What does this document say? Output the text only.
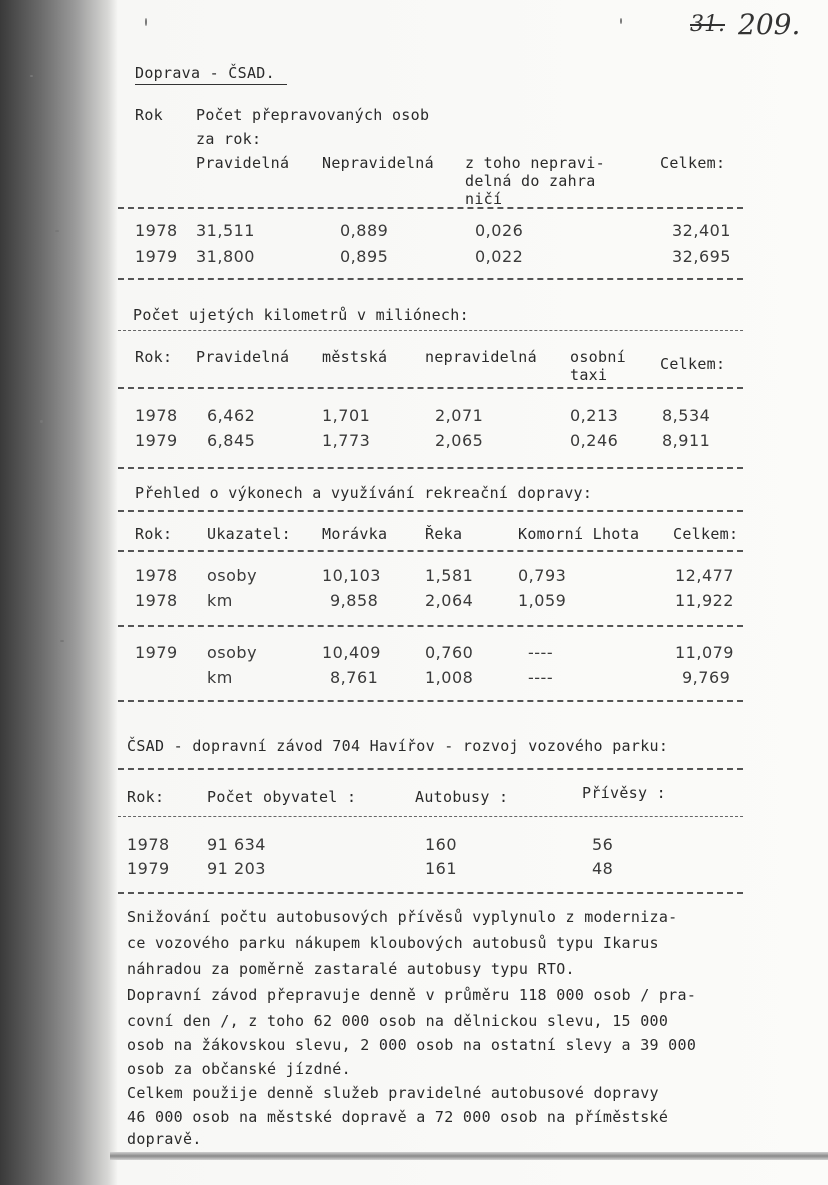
31. 209.
Doprava - ČSAD.
Rok Počet přepravovaných osob
za rok:
Pravidelná Nepravidelná z toho nepravi-
delná do zahra
ničí
Celkem:
1978 31,511	0,889	0,026	32,401
1979 31,800	0,895	0,022	32,695
Počet ujetých kilometrů v miliónech:
Rok: Pravidelná městská	nepravidelná osobní
taxi
Celkem:
1978 6,462	1,701	2,071	0,213	8,534
1979 6,845	1,773	2,065	0,246	8,911
Přehled o výkonech a využívání rekreační dopravy:
Rok: Ukazatel: Morávka	Řeka	Komorní Lhota Celkem:
1978 osoby	10,103	1,581	0,793	12,477
1978 km	9,858	2,064	1,059	11,922
1979 osoby	10,409	0,760	----	11,079
km	8,761	1,008	----	9,769
ČSAD - dopravní závod 704 Havířov - rozvoj vozového parku:
Rok:	Počet obyvatel :	Autobusy :	Přívěsy :
1978 91 634	160	56
1979 91 203	161	48
Snižování počtu autobusových přívěsů vyplynulo z moderniza-
ce vozového parku nákupem kloubových autobusů typu Ikarus
náhradou za poměrně zastaralé autobusy typu RTO.
Dopravní závod přepravuje denně v průměru 118 000 osob / pra-
covní den /, z toho 62 000 osob na dělnickou slevu, 15 000
osob na žákovskou slevu, 2 000 osob na ostatní slevy a 39 000
osob za občanské jízdné.
Celkem použije denně služeb pravidelné autobusové dopravy
46 000 osob na městské dopravě a 72 000 osob na příměstské
dopravě.
